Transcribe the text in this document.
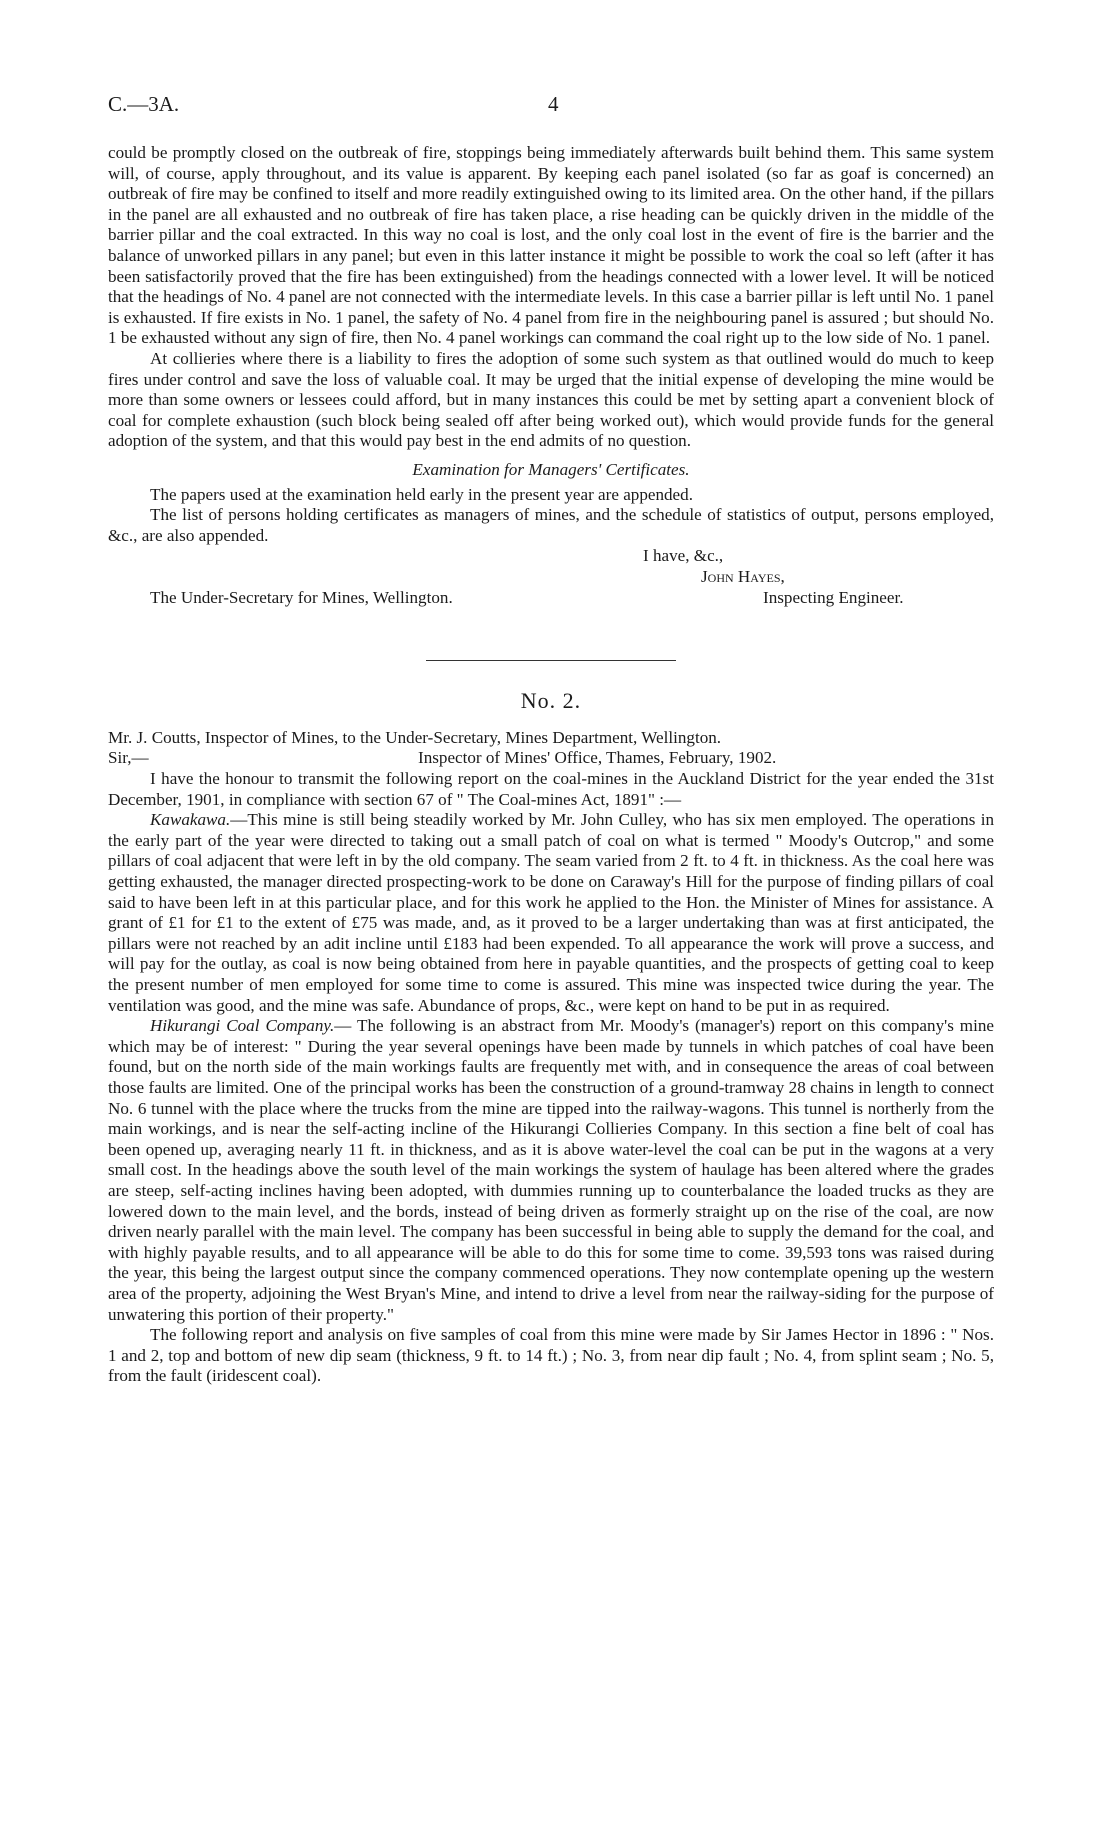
C.—3A.	4

could be promptly closed on the outbreak of fire, stoppings being immediately afterwards built behind them. This same system will, of course, apply throughout, and its value is apparent. By keeping each panel isolated (so far as goaf is concerned) an outbreak of fire may be confined to itself and more readily extinguished owing to its limited area. On the other hand, if the pillars in the panel are all exhausted and no outbreak of fire has taken place, a rise heading can be quickly driven in the middle of the barrier pillar and the coal extracted. In this way no coal is lost, and the only coal lost in the event of fire is the barrier and the balance of unworked pillars in any panel; but even in this latter instance it might be possible to work the coal so left (after it has been satisfactorily proved that the fire has been extinguished) from the headings connected with a lower level. It will be noticed that the headings of No. 4 panel are not connected with the intermediate levels. In this case a barrier pillar is left until No. 1 panel is exhausted. If fire exists in No. 1 panel, the safety of No. 4 panel from fire in the neighbouring panel is assured ; but should No. 1 be exhausted without any sign of fire, then No. 4 panel workings can command the coal right up to the low side of No. 1 panel.

At collieries where there is a liability to fires the adoption of some such system as that outlined would do much to keep fires under control and save the loss of valuable coal. It may be urged that the initial expense of developing the mine would be more than some owners or lessees could afford, but in many instances this could be met by setting apart a convenient block of coal for complete exhaustion (such block being sealed off after being worked out), which would provide funds for the general adoption of the system, and that this would pay best in the end admits of no question.

Examination for Managers' Certificates.

The papers used at the examination held early in the present year are appended.

The list of persons holding certificates as managers of mines, and the schedule of statistics of output, persons employed, &c., are also appended.

I have, &c.,
John Hayes,
The Under-Secretary for Mines, Wellington.	Inspecting Engineer.

No. 2.

Mr. J. Coutts, Inspector of Mines, to the Under-Secretary, Mines Department, Wellington.

Sir,—	Inspector of Mines' Office, Thames, February, 1902.

I have the honour to transmit the following report on the coal-mines in the Auckland District for the year ended the 31st December, 1901, in compliance with section 67 of " The Coal-mines Act, 1891" :—

Kawakawa.—This mine is still being steadily worked by Mr. John Culley, who has six men employed. The operations in the early part of the year were directed to taking out a small patch of coal on what is termed " Moody's Outcrop," and some pillars of coal adjacent that were left in by the old company. The seam varied from 2 ft. to 4 ft. in thickness. As the coal here was getting exhausted, the manager directed prospecting-work to be done on Caraway's Hill for the purpose of finding pillars of coal said to have been left in at this particular place, and for this work he applied to the Hon. the Minister of Mines for assistance. A grant of £1 for £1 to the extent of £75 was made, and, as it proved to be a larger undertaking than was at first anticipated, the pillars were not reached by an adit incline until £183 had been expended. To all appearance the work will prove a success, and will pay for the outlay, as coal is now being obtained from here in payable quantities, and the prospects of getting coal to keep the present number of men employed for some time to come is assured. This mine was inspected twice during the year. The ventilation was good, and the mine was safe. Abundance of props, &c., were kept on hand to be put in as required.

Hikurangi Coal Company.— The following is an abstract from Mr. Moody's (manager's) report on this company's mine which may be of interest: " During the year several openings have been made by tunnels in which patches of coal have been found, but on the north side of the main workings faults are frequently met with, and in consequence the areas of coal between those faults are limited. One of the principal works has been the construction of a ground-tramway 28 chains in length to connect No. 6 tunnel with the place where the trucks from the mine are tipped into the railway-wagons. This tunnel is northerly from the main workings, and is near the self-acting incline of the Hikurangi Collieries Company. In this section a fine belt of coal has been opened up, averaging nearly 11 ft. in thickness, and as it is above water-level the coal can be put in the wagons at a very small cost. In the headings above the south level of the main workings the system of haulage has been altered where the grades are steep, self-acting inclines having been adopted, with dummies running up to counterbalance the loaded trucks as they are lowered down to the main level, and the bords, instead of being driven as formerly straight up on the rise of the coal, are now driven nearly parallel with the main level. The company has been successful in being able to supply the demand for the coal, and with highly payable results, and to all appearance will be able to do this for some time to come. 39,593 tons was raised during the year, this being the largest output since the company commenced operations. They now contemplate opening up the western area of the property, adjoining the West Bryan's Mine, and intend to drive a level from near the railway-siding for the purpose of unwatering this portion of their property."

The following report and analysis on five samples of coal from this mine were made by Sir James Hector in 1896 : " Nos. 1 and 2, top and bottom of new dip seam (thickness, 9 ft. to 14 ft.) ; No. 3, from near dip fault ; No. 4, from splint seam ; No. 5, from the fault (iridescent coal).
